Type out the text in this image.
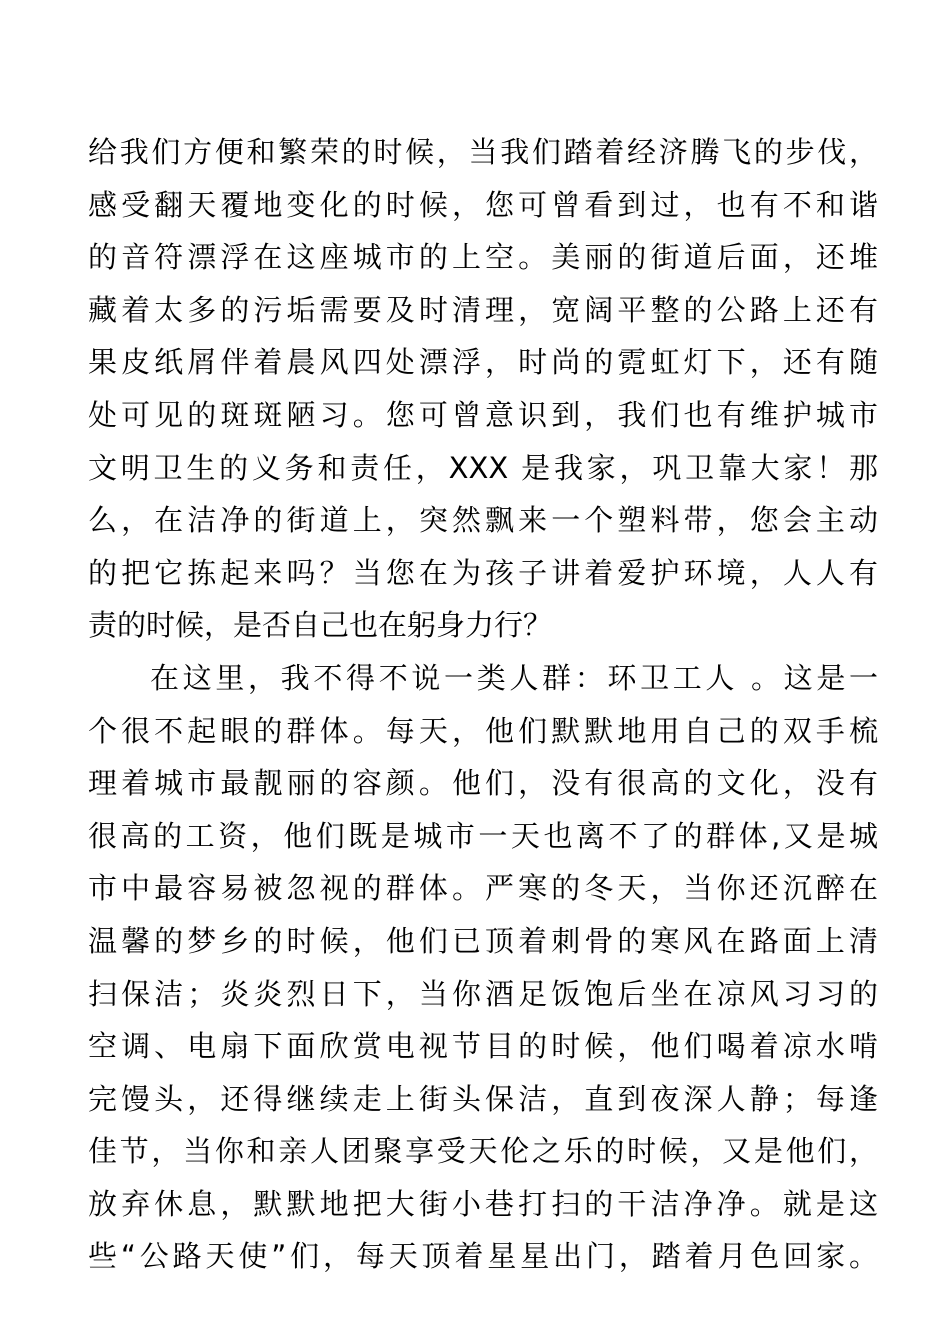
给我们方便和繁荣的时候，当我们踏着经济腾飞的步伐，
感受翻天覆地变化的时候，您可曾看到过，也有不和谐
的音符漂浮在这座城市的上空。美丽的街道后面，还堆
藏着太多的污垢需要及时清理，宽阔平整的公路上还有
果皮纸屑伴着晨风四处漂浮，时尚的霓虹灯下，还有随
处可见的斑斑陋习。您可曾意识到，我们也有维护城市
文明卫生的义务和责任，XXX 是我家，巩卫靠大家！那
么，在洁净的街道上，突然飘来一个塑料带，您会主动
的把它拣起来吗？当您在为孩子讲着爱护环境，人人有
责的时候，是否自己也在躬身力行？
在这里，我不得不说一类人群：环卫工人 。这是一
个很不起眼的群体。每天，他们默默地用自己的双手梳
理着城市最靓丽的容颜。他们，没有很高的文化，没有
很高的工资，他们既是城市一天也离不了的群体,又是城
市中最容易被忽视的群体。严寒的冬天，当你还沉醉在
温馨的梦乡的时候，他们已顶着刺骨的寒风在路面上清
扫保洁；炎炎烈日下，当你酒足饭饱后坐在凉风习习的
空调、电扇下面欣赏电视节目的时候，他们喝着凉水啃
完馒头，还得继续走上街头保洁，直到夜深人静；每逢
佳节，当你和亲人团聚享受天伦之乐的时候，又是他们，
放弃休息，默默地把大街小巷打扫的干洁净净。就是这
些“公路天使”们，每天顶着星星出门，踏着月色回家。
